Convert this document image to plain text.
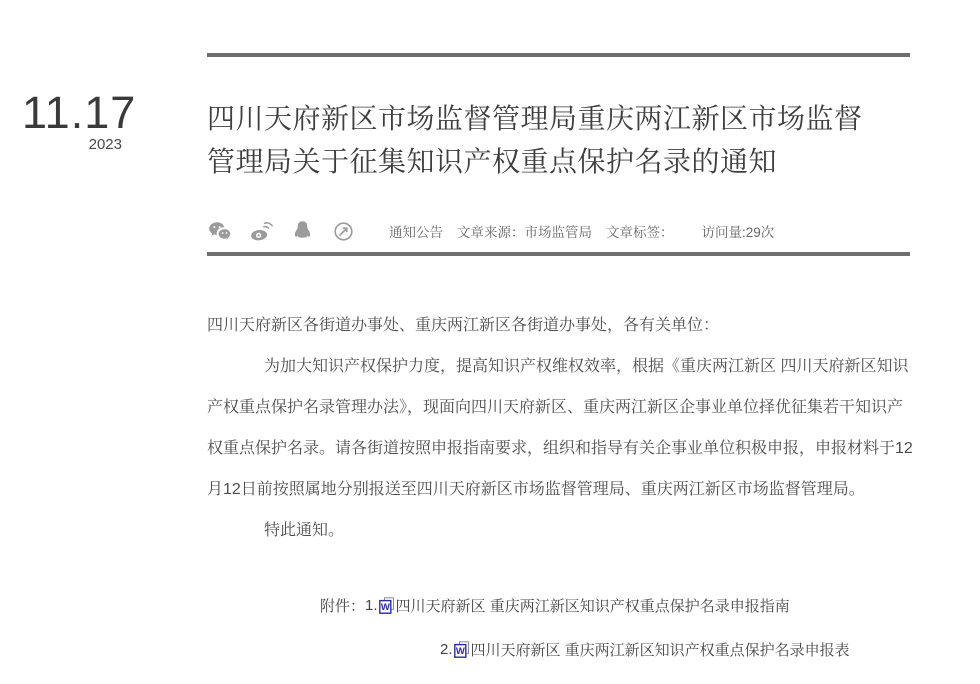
11.17
2023
四川天府新区市场监督管理局重庆两江新区市场监督
管理局关于征集知识产权重点保护名录的通知
通知公告 文章来源：市场监管局 文章标签： 访问量:29次

四川天府新区各街道办事处、重庆两江新区各街道办事处，各有关单位：

为加大知识产权保护力度，提高知识产权维权效率，根据《重庆两江新区 四川天府新区知识产权重点保护名录管理办法》，现面向四川天府新区、重庆两江新区企事业单位择优征集若干知识产权重点保护名录。请各街道按照申报指南要求，组织和指导有关企事业单位积极申报，申报材料于12月12日前按照属地分别报送至四川天府新区市场监督管理局、重庆两江新区市场监督管理局。

特此通知。

附件： 1. W 四川天府新区 重庆两江新区知识产权重点保护名录申报指南
2. W 四川天府新区 重庆两江新区知识产权重点保护名录申报表
